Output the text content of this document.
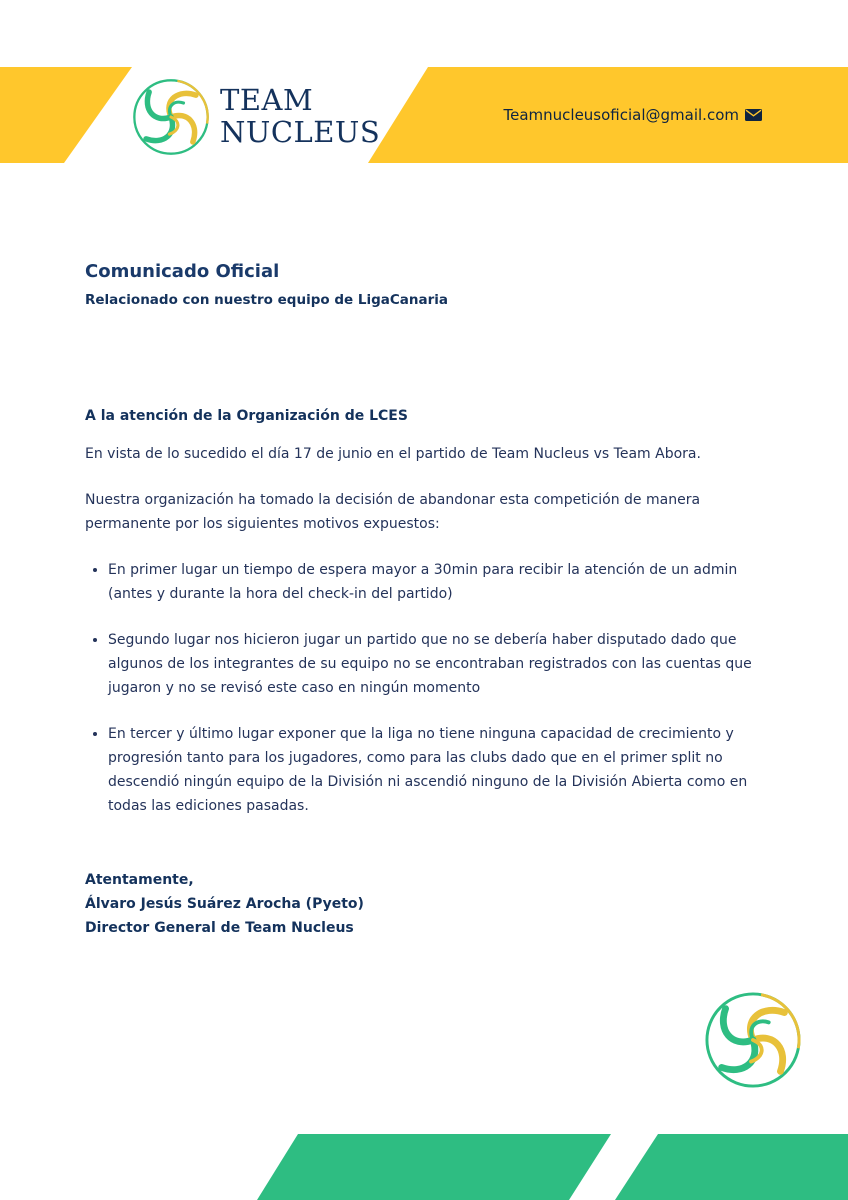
TEAM
NUCLEUS	Teamnucleusoficial@gmail.com
Comunicado Oficial
Relacionado con nuestro equipo de LigaCanaria

A la atención de la Organización de LCES

En vista de lo sucedido el día 17 de junio en el partido de Team Nucleus vs Team Abora.

Nuestra organización ha tomado la decisión de abandonar esta competición de manera permanente por los siguientes motivos expuestos:

• En primer lugar un tiempo de espera mayor a 30min para recibir la atención de un admin (antes y durante la hora del check-in del partido)
• Segundo lugar nos hicieron jugar un partido que no se debería haber disputado dado que algunos de los integrantes de su equipo no se encontraban registrados con las cuentas que jugaron y no se revisó este caso en ningún momento
• En tercer y último lugar exponer que la liga no tiene ninguna capacidad de crecimiento y progresión tanto para los jugadores, como para las clubs dado que en el primer split no descendió ningún equipo de la División ni ascendió ninguno de la División Abierta como en todas las ediciones pasadas.
Atentamente,
Álvaro Jesús Suárez Arocha (Pyeto)
Director General de Team Nucleus
